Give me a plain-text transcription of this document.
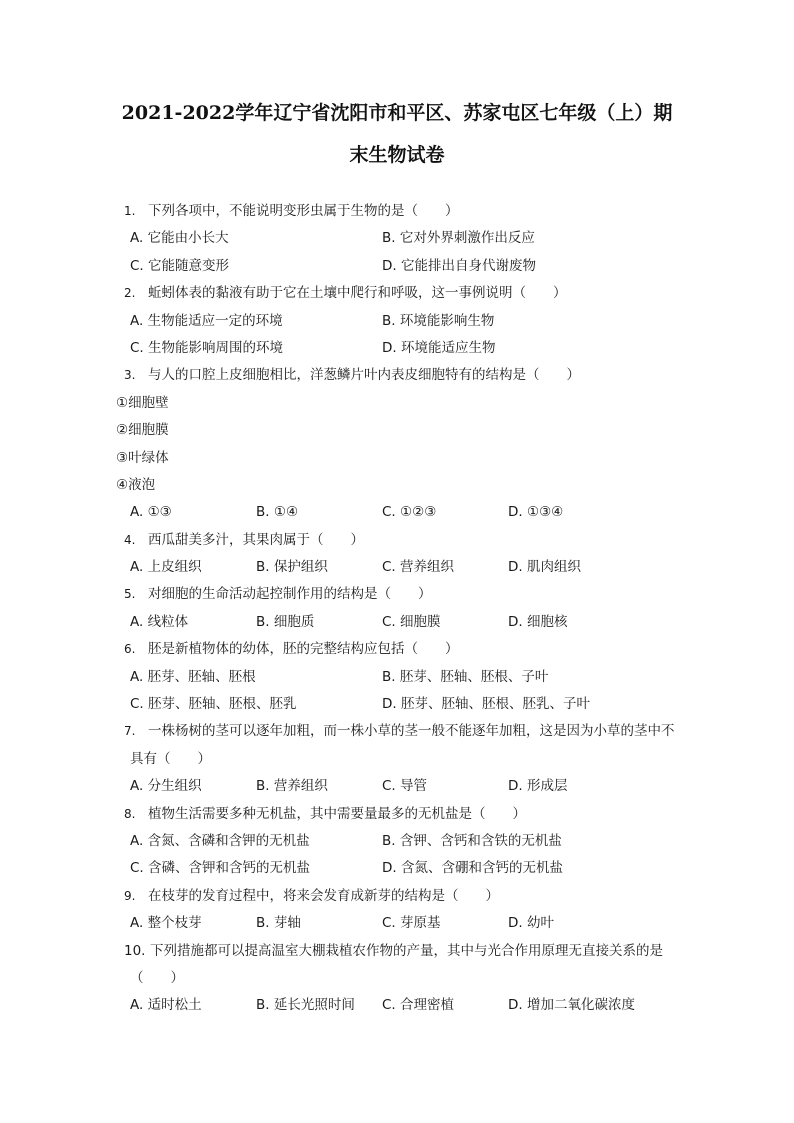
2021-2022学年辽宁省沈阳市和平区、苏家屯区七年级（上）期
末生物试卷
1. 下列各项中，不能说明变形虫属于生物的是（　　）
A. 它能由小长大	B. 它对外界刺激作出反应
C. 它能随意变形	D. 它能排出自身代谢废物
2. 蚯蚓体表的黏液有助于它在土壤中爬行和呼吸，这一事例说明（　　）
A. 生物能适应一定的环境	B. 环境能影响生物
C. 生物能影响周围的环境	D. 环境能适应生物
3. 与人的口腔上皮细胞相比，洋葱鳞片叶内表皮细胞特有的结构是（　　）
①细胞壁
②细胞膜
③叶绿体
④液泡
A. ①③	B. ①④	C. ①②③	D. ①③④
4. 西瓜甜美多汁，其果肉属于（　　）
A. 上皮组织	B. 保护组织	C. 营养组织	D. 肌肉组织
5. 对细胞的生命活动起控制作用的结构是（　　）
A. 线粒体	B. 细胞质	C. 细胞膜	D. 细胞核
6. 胚是新植物体的幼体，胚的完整结构应包括（　　）
A. 胚芽、胚轴、胚根	B. 胚芽、胚轴、胚根、子叶
C. 胚芽、胚轴、胚根、胚乳	D. 胚芽、胚轴、胚根、胚乳、子叶
7. 一株杨树的茎可以逐年加粗，而一株小草的茎一般不能逐年加粗，这是因为小草的茎中不
具有（　　）
A. 分生组织	B. 营养组织	C. 导管	D. 形成层
8. 植物生活需要多种无机盐，其中需要量最多的无机盐是（　　）
A. 含氮、含磷和含钾的无机盐	B. 含钾、含钙和含铁的无机盐
C. 含磷、含钾和含钙的无机盐	D. 含氮、含硼和含钙的无机盐
9. 在枝芽的发育过程中，将来会发育成新芽的结构是（　　）
A. 整个枝芽	B. 芽轴	C. 芽原基	D. 幼叶
10. 下列措施都可以提高温室大棚栽植农作物的产量，其中与光合作用原理无直接关系的是
（　　）
A. 适时松土	B. 延长光照时间 C. 合理密植	D. 增加二氧化碳浓度
